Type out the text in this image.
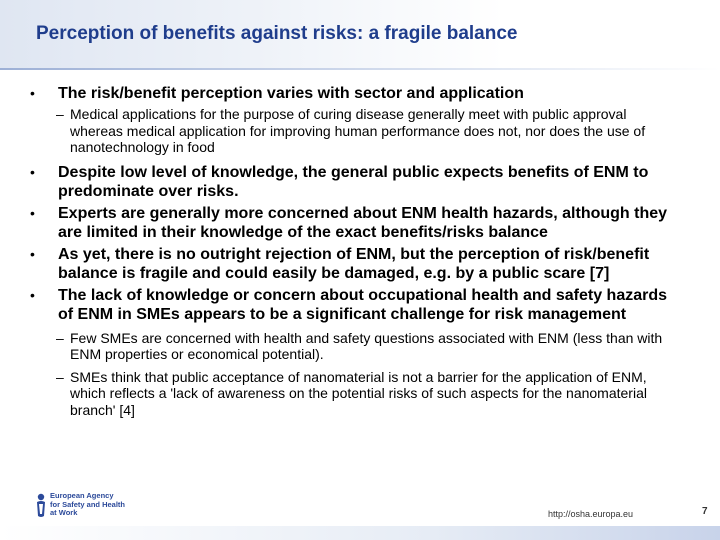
Perception of benefits against risks: a fragile balance

• The risk/benefit perception varies with sector and application

– Medical applications for the purpose of curing disease generally meet with public approval whereas medical application for improving human performance does not, nor does the use of nanotechnology in food

• Despite low level of knowledge, the general public expects benefits of ENM to predominate over risks.

• Experts are generally more concerned about ENM health hazards, although they are limited in their knowledge of the exact benefits/risks balance

• As yet, there is no outright rejection of ENM, but the perception of risk/benefit balance is fragile and could easily be damaged, e.g. by a public scare [7]

• The lack of knowledge or concern about occupational health and safety hazards of ENM in SMEs appears to be a significant challenge for risk management

– Few SMEs are concerned with health and safety questions associated with ENM (less than with ENM properties or economical potential).

– SMEs think that public acceptance of nanomaterial is not a barrier for the application of ENM, which reflects a 'lack of awareness on the potential risks of such aspects for the nanomaterial branch' [4]

European Agency
for Safety and Health
at Work	http://osha.europa.eu	7
